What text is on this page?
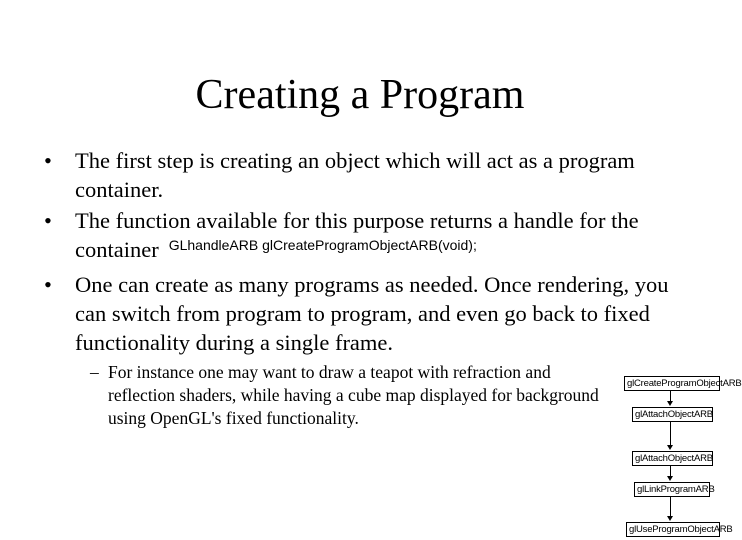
Creating a Program
• The first step is creating an object which will act as a program container.
• The function available for this purpose returns a handle for the container $^{GLhandleARB glCreateProgramObjectARB(void);}$
• One can create as many programs as needed. Once rendering, you can switch from program to program, and even go back to fixed functionality during a single frame.
– For instance one may want to draw a teapot with refraction and reflection shaders, while having a cube map displayed for background using OpenGL's fixed functionality.
glCreateProgramObjectARB
glAttachObjectARB
glAttachObjectARB
glLinkProgramARB
glUseProgramObjectARB
